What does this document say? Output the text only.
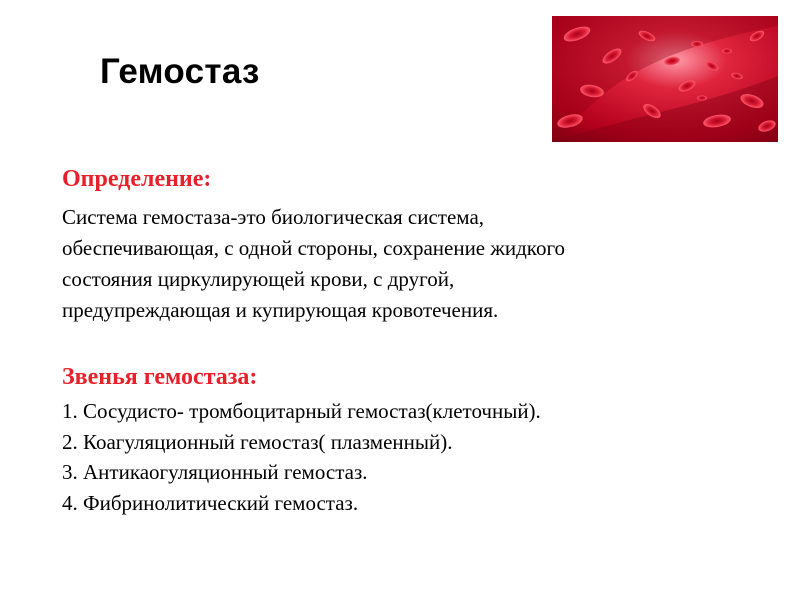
Гемостаз
Определение:
Система гемостаза-это биологическая система,
обеспечивающая, с одной стороны, сохранение жидкого
состояния циркулирующей крови, с другой,
предупреждающая и купирующая кровотечения.
Звенья гемостаза:
1. Сосудисто- тромбоцитарный гемостаз(клеточный).
2. Коагуляционный гемостаз( плазменный).
3. Антикаогуляционный гемостаз.
4. Фибринолитический гемостаз.
